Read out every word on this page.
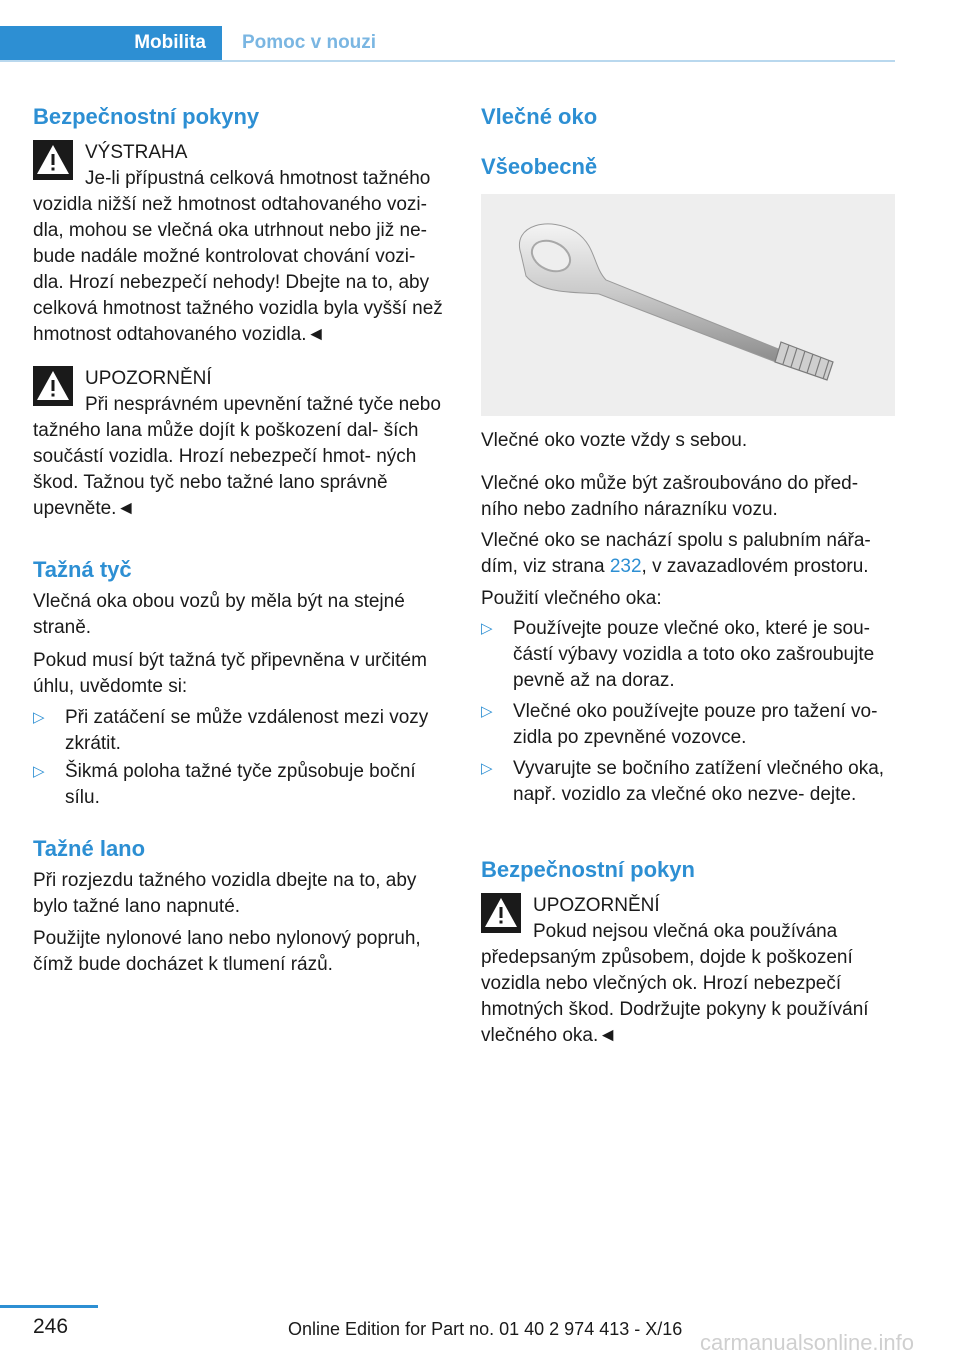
Mobilita Pomoc v nouzi
Bezpečnostní pokyny

VÝSTRAHA

Je-li přípustná celková hmotnost tažného vozidla nižší než hmotnost odtahovaného vozi- dla, mohou se vlečná oka utrhnout nebo již ne- bude nadále možné kontrolovat chování vozi- dla. Hrozí nebezpečí nehody! Dbejte na to, aby celková hmotnost tažného vozidla byla vyšší než hmotnost odtahovaného vozidla.◄

UPOZORNĚNÍ

Při nesprávném upevnění tažné tyče nebo tažného lana může dojít k poškození dal- ších součástí vozidla. Hrozí nebezpečí hmot- ných škod. Tažnou tyč nebo tažné lano správně upevněte.◄

Tažná tyč

Vlečná oka obou vozů by měla být na stejné straně.

Pokud musí být tažná tyč připevněna v určitém úhlu, uvědomte si:

▷ Při zatáčení se může vzdálenost mezi vozy zkrátit.
▷ Šikmá poloha tažné tyče způsobuje boční sílu.
Tažné lano

Při rozjezdu tažného vozidla dbejte na to, aby bylo tažné lano napnuté.

Použijte nylonové lano nebo nylonový popruh, čímž bude docházet k tlumení rázů.

Vlečné oko
Všeobecně

Vlečné oko vozte vždy s sebou.

Vlečné oko může být zašroubováno do před- ního nebo zadního nárazníku vozu.

Vlečné oko se nachází spolu s palubním nářa- dím, viz strana 232, v zavazadlovém prostoru.

Použití vlečného oka:

▷ Používejte pouze vlečné oko, které je sou- částí výbavy vozidla a toto oko zašroubujte pevně až na doraz.
▷ Vlečné oko používejte pouze pro tažení vo- zidla po zpevněné vozovce.
▷ Vyvarujte se bočního zatížení vlečného oka, např. vozidlo za vlečné oko nezve- dejte.
Bezpečnostní pokyn

UPOZORNĚNÍ

Pokud nejsou vlečná oka používána předepsaným způsobem, dojde k poškození vozidla nebo vlečných ok. Hrozí nebezpečí hmotných škod. Dodržujte pokyny k používání vlečného oka.◄

246	Online Edition for Part no. 01 40 2 974 413 - X/16
carmanualsonline.info
